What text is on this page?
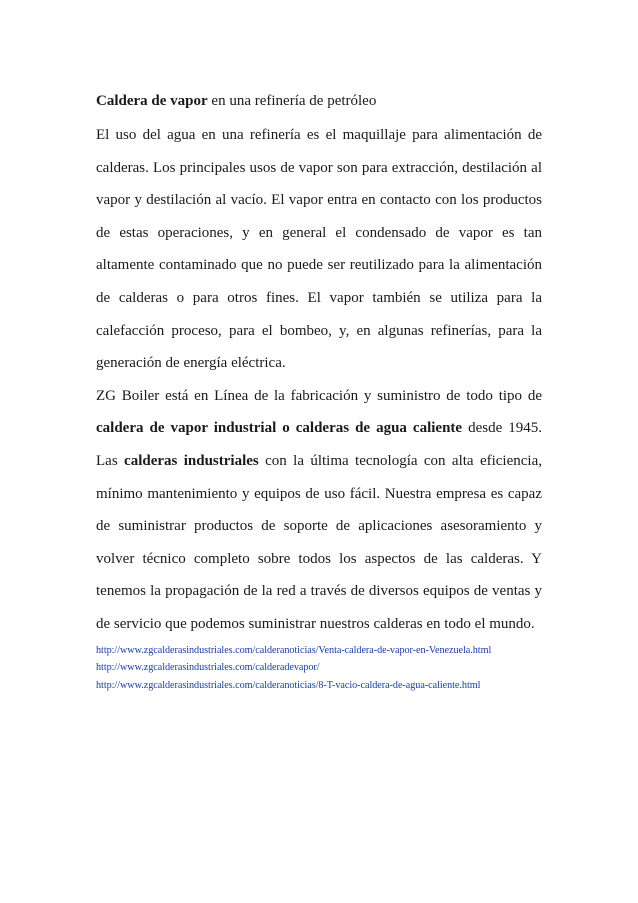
Caldera de vapor en una refinería de petróleo

El uso del agua en una refinería es el maquillaje para alimentación de calderas. Los principales usos de vapor son para extracción, destilación al vapor y destilación al vacío. El vapor entra en contacto con los productos de estas operaciones, y en general el condensado de vapor es tan altamente contaminado que no puede ser reutilizado para la alimentación de calderas o para otros fines. El vapor también se utiliza para la calefacción proceso, para el bombeo, y, en algunas refinerías, para la generación de energía eléctrica.

ZG Boiler está en Línea de la fabricación y suministro de todo tipo de caldera de vapor industrial o calderas de agua caliente desde 1945. Las calderas industriales con la última tecnología con alta eficiencia, mínimo mantenimiento y equipos de uso fácil. Nuestra empresa es capaz de suministrar productos de soporte de aplicaciones asesoramiento y volver técnico completo sobre todos los aspectos de las calderas. Y tenemos la propagación de la red a través de diversos equipos de ventas y de servicio que podemos suministrar nuestros calderas en todo el mundo.

http://www.zgcalderasindustriales.com/calderanoticias/Venta-caldera-de-vapor-en-Venezuela.html
http://www.zgcalderasindustriales.com/calderadevapor/
http://www.zgcalderasindustriales.com/calderanoticias/8-T-vacio-caldera-de-agua-caliente.html
